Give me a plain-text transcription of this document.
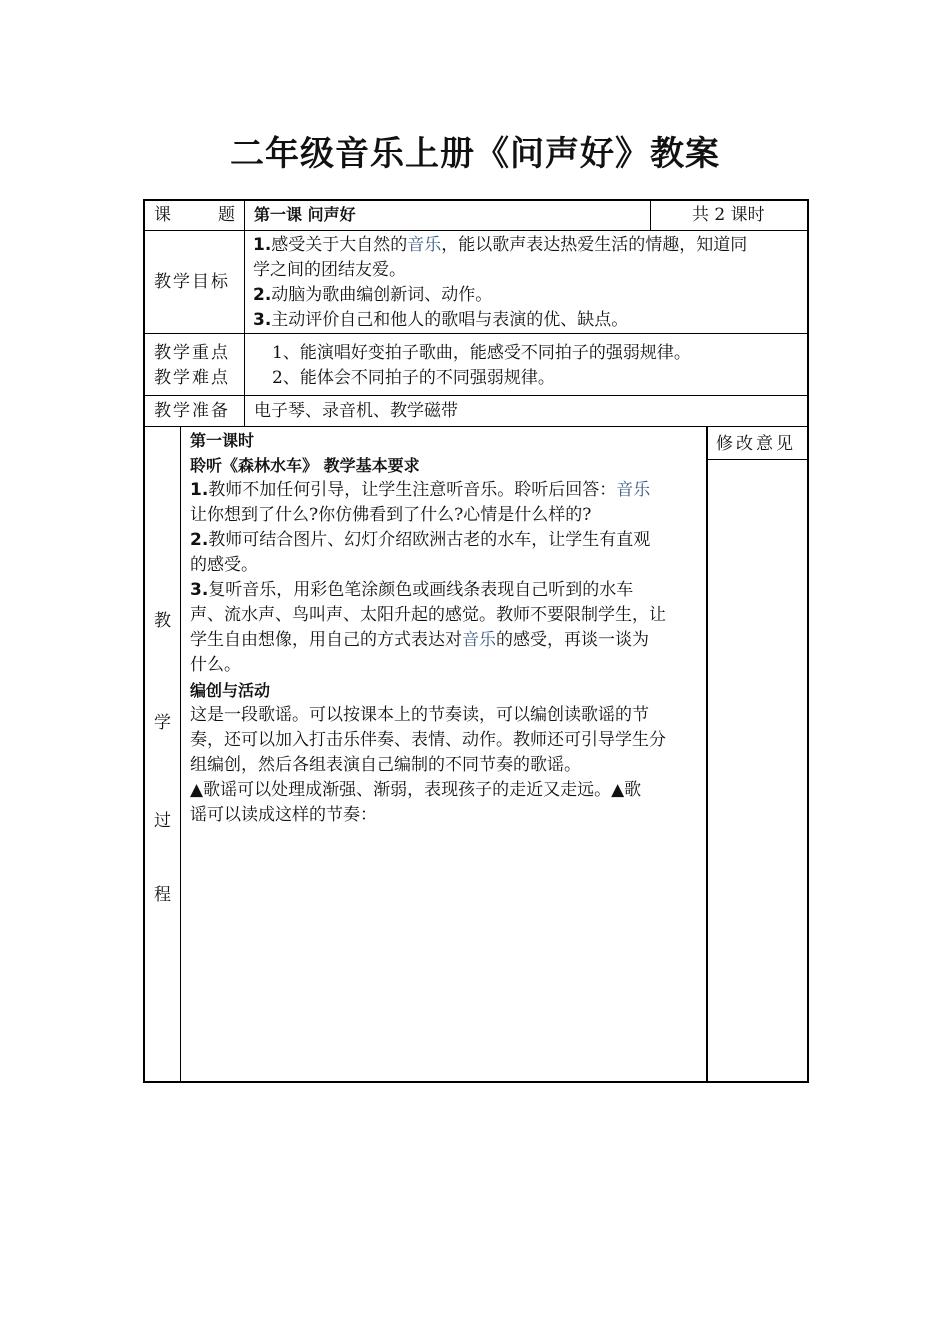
二年级音乐上册《问声好》教案
课	题 第一课 问声好	共 2 课时
教学目标
1.感受关于大自然的音乐，能以歌声表达热爱生活的情趣，知道同
学之间的团结友爱。
2.动脑为歌曲编创新词、动作。
3.主动评价自己和他人的歌唱与表演的优、缺点。
教学重点
教学难点
1、能演唱好变拍子歌曲，能感受不同拍子的强弱规律。
2、能体会不同拍子的不同强弱规律。
教学准备 电子琴、录音机、教学磁带
教
学
过
程
修改意见
第一课时
聆听《森林水车》 教学基本要求
1.教师不加任何引导，让学生注意听音乐。聆听后回答：音乐
让你想到了什么?你仿佛看到了什么?心情是什么样的?
2.教师可结合图片、幻灯介绍欧洲古老的水车，让学生有直观
的感受。
3.复听音乐，用彩色笔涂颜色或画线条表现自己听到的水车
声、流水声、鸟叫声、太阳升起的感觉。教师不要限制学生，让
学生自由想像，用自己的方式表达对音乐的感受，再谈一谈为
什么。
编创与活动
这是一段歌谣。可以按课本上的节奏读，可以编创读歌谣的节
奏，还可以加入打击乐伴奏、表情、动作。教师还可引导学生分
组编创，然后各组表演自己编制的不同节奏的歌谣。
▲歌谣可以处理成渐强、渐弱，表现孩子的走近又走远。▲歌
谣可以读成这样的节奏：
